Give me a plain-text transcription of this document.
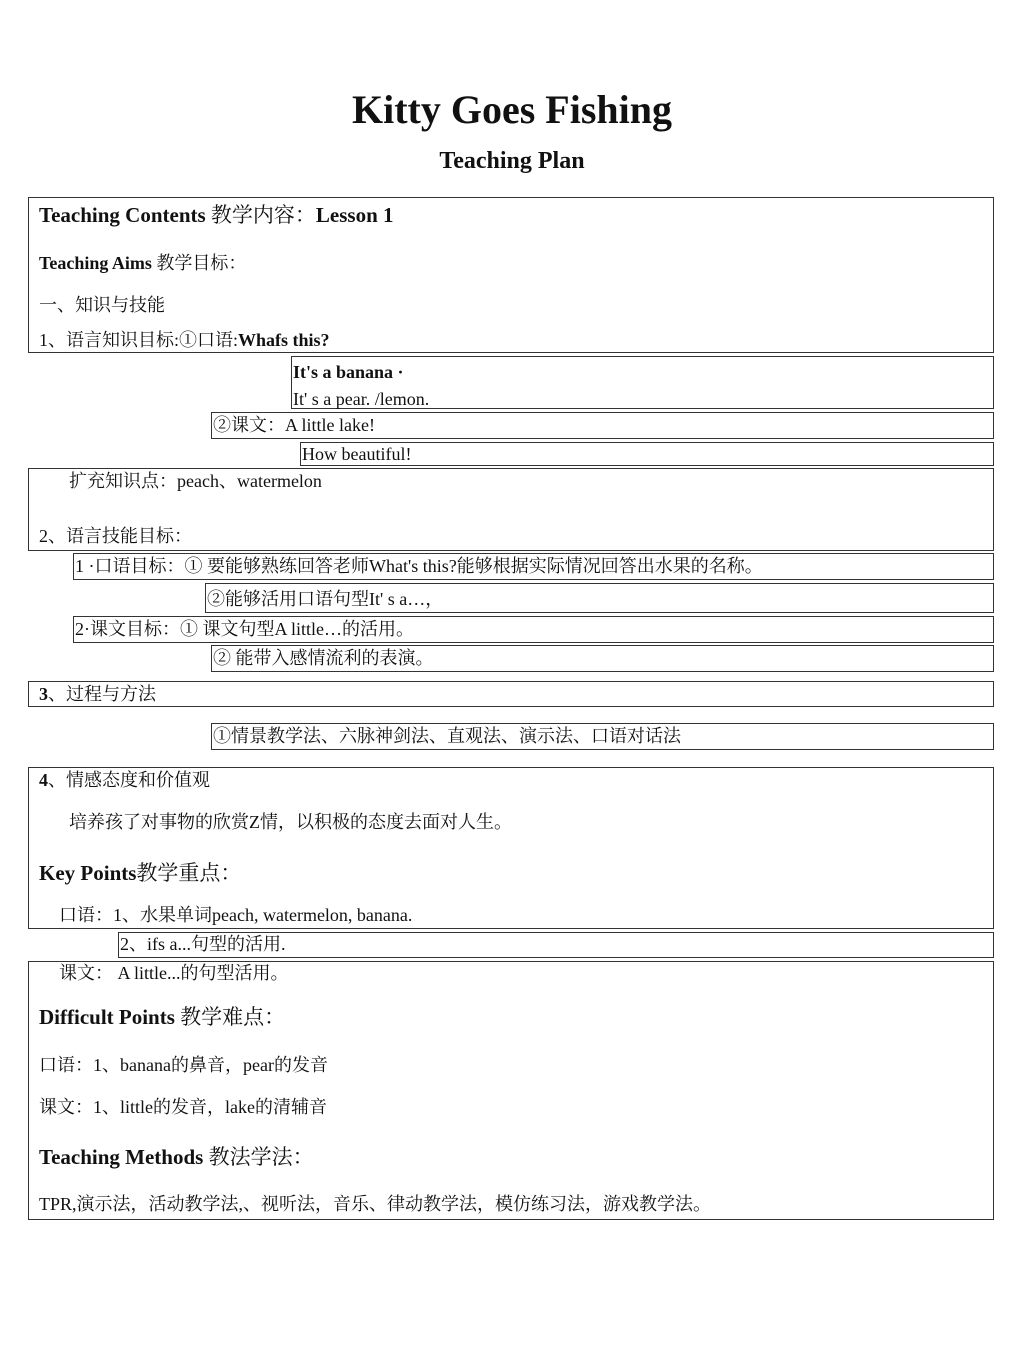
Kitty Goes Fishing
Teaching Plan
Teaching Contents 教学内容：Lesson 1
Teaching Aims 教学目标：
一、知识与技能
1、语言知识目标:①口语:Whafs this?
It's a banana ·
It' s a pear. /lemon.
②课文：A little lake!
How beautiful!
扩充知识点：peach、watermelon
2、语言技能目标：
1 ·口语目标：① 要能够熟练回答老师What's this?能够根据实际情况回答出水果的名称。
②能够活用口语句型It' s a…，
2·课文目标：① 课文句型A little…的活用。
② 能带入感情流利的表演。
3、过程与方法
①情景教学法、六脉神剑法、直观法、演示法、口语对话法
4、情感态度和价值观
培养孩了对事物的欣赏Z情，以积极的态度去面对人生。
Key Points教学重点：
口语：1、水果单词peach, watermelon, banana.
2、ifs a...句型的活用.
课文： A little...的句型活用。
Difficult Points 教学难点：
口语：1、banana的鼻音，pear的发音
课文：1、little的发音，lake的清辅音
Teaching Methods 教法学法：
TPR,演示法，活动教学法,、视听法，音乐、律动教学法，模仿练习法，游戏教学法。
